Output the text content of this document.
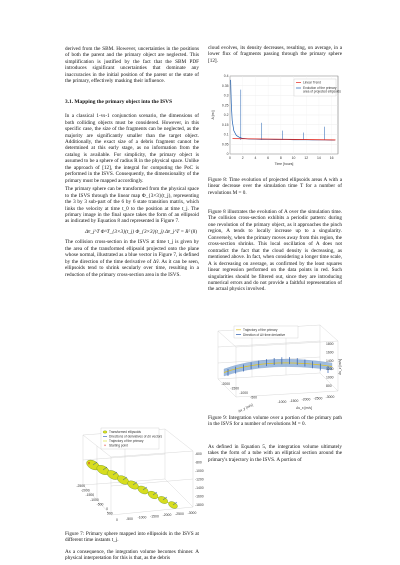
derived from the SBM. However, uncertainties in the positions of both the parent and the primary object are neglected. This simplification is justified by the fact that the SBM PDF introduces significant uncertainties that dominate any inaccuracies in the initial position of the parent or the state of the primary, effectively masking their influence.

3.1. Mapping the primary object into the ISVS

In a classical 1-vs-1 conjunction scenario, the dimensions of both colliding objects must be considered. However, in this specific case, the size of the fragments can be neglected, as the majority are significantly smaller than the target object. Additionally, the exact size of a debris fragment cannot be determined at this early stage, as no information from the catalog is available. For simplicity, the primary object is assumed to be a sphere of radius R in the physical space. Unlike the approach of [12], the integral for computing the PoC is performed in the ISVS. Consequently, the dimensionality of the primary must be mapped accordingly.

The primary sphere can be transformed from the physical space to the ISVS through the linear map Φ_{3×3}(t_j), representing the 3 by 3 sub-part of the 6 by 6 state transition matrix, which links the velocity at time t_0 to the position at time t_j. The primary image in the final space takes the form of an ellipsoid as indicated by Equation 8 and represented in Figure 7.

Δv̄_j^T Φ^T_{3×3}(t_j) Φ_{3×3}(t_j) Δv̄_j^T = R² (8)

The collision cross-section in the ISVS at time t_j is given by the area of the transformed ellipsoid projected onto the plane whose normal, illustrated as a blue vector in Figure 7, is defined by the direction of the time derivative of Δv̄. As it can be seen, ellipsoids tend to shrink secularly over time, resulting in a reduction of the primary cross-section area in the ISVS.

×
Transformed ellipsoids
Directions of derivatives of Δv̄ vectors
Trajectory of the primary
Starting point
×
-600
-800
-1000
-1200
-1400
-1600
-1800
-2500
-2000
-1500
-1000
-500
0
500
0 -500 -1000 -1500 -2000 -2500 -3000

Figure 7: Primary sphere mapped into ellipsoids in the ISVS at different time instants t_j.

As a consequence, the integration volume becomes thinner. A physical interpretation for this is that, as the debris

cloud evolves, its density decreases, resulting, on average, in a lower flux of fragments passing through the primary sphere [12].

0
0.05
0.1
0.15
0.2
0.25
0.3
0.35
0.4
0	2	4	6	8	10	12	14	16
Time [hours]
A [m²]
Linear Trend
Evolution of the primary area of projected ellipsoids

Figure 8: Time evolution of projected ellipsoids areas A with a linear decrease over the simulation time T for a number of revolutions M = 0.

Figure 8 illustrates the evolution of A over the simulation time. The collision cross-section exhibits a periodic pattern: during one revolution of the primary object, as it approaches the pinch region, A tends to locally increase up to a singularity. Conversely, when the primary moves away from this region, the cross-section shrinks. This local oscillation of A does not contradict the fact that the cloud density is decreasing, as mentioned above. In fact, when considering a longer time scale, A is decreasing on average, as confirmed by the least squares linear regression performed on the data points in red. Such singularities should be filtered out, since they are introducing numerical errors and do not provide a faithful representation of the actual physics involved.

Trajectory of the primary
Direction of Δv̄ time derivative
1800
1600
1400
1200
1000
800
-1000 -1500 -2000 -2500 -3000
-2000
-1500
-1000
-500
Δv_z [m/s]
Δv_y [m/s]	Δv_x [m/s]

Figure 9: Integration volume over a portion of the primary path in the ISVS for a number of revolutions M = 0.

As defined in Equation 5, the integration volume ultimately takes the form of a tube with an elliptical section around the primary's trajectory in the ISVS. A portion of
